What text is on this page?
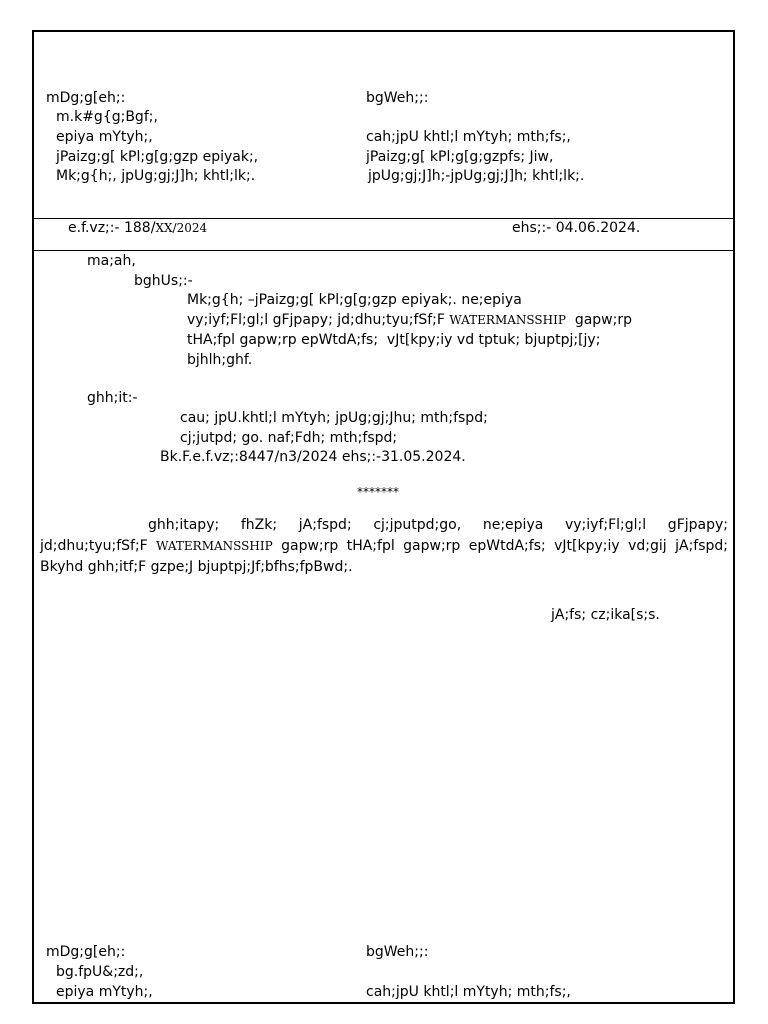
mDg;g[eh;:
m.k#g{g;Bgf;,
epiya mYtyh;,
jPaizg;g[ kPl;g[g;gzp epiyak;,
Mk;g{h;, jpUg;gj;J]h; khtl;lk;.
bgWeh;;:
cah;jpU khtl;l mYtyh; mth;fs;,
jPaizg;g[ kPl;g[g;gzpfs; Jiw,
jpUg;gj;J]h;-jpUg;gj;J]h; khtl;lk;.
e.f.vz;:- 188/XX/2024	ehs;:- 04.06.2024.
ma;ah,
bghUs;:-
Mk;g{h; –jPaizg;g[ kPl;g[g;gzp epiyak;. ne;epiya
vy;iyf;Fl;gl;l gFjpapy; jd;dhu;tyu;fSf;F WATERMANSSHIP  gapw;rp
tHA;fpl gapw;rp epWtdA;fs;  vJt[kpy;iy vd tptuk; bjuptpj;[jy;
bjhlh;ghf.
ghh;it:-
cau; jpU.khtl;l mYtyh; jpUg;gj;Jhu; mth;fspd;
cj;jutpd; go. naf;Fdh; mth;fspd;
Bk.F.e.f.vz;:8447/n3/2024 ehs;:-31.05.2024.
*******
ghh;itapy; fhZk; jA;fspd; cj;jputpd;go, ne;epiya vy;iyf;Fl;gl;l gFjpapy; jd;dhu;tyu;fSf;F WATERMANSSHIP gapw;rp tHA;fpl gapw;rp epWtdA;fs; vJt[kpy;iy vd;gij jA;fspd; Bkyhd ghh;itf;F gzpe;J bjuptpj;Jf;bfhs;fpBwd;.
jA;fs; cz;ika[s;s.
mDg;g[eh;:
bg.fpU&;zd;,
epiya mYtyh;,
bgWeh;;:
cah;jpU khtl;l mYtyh; mth;fs;,
